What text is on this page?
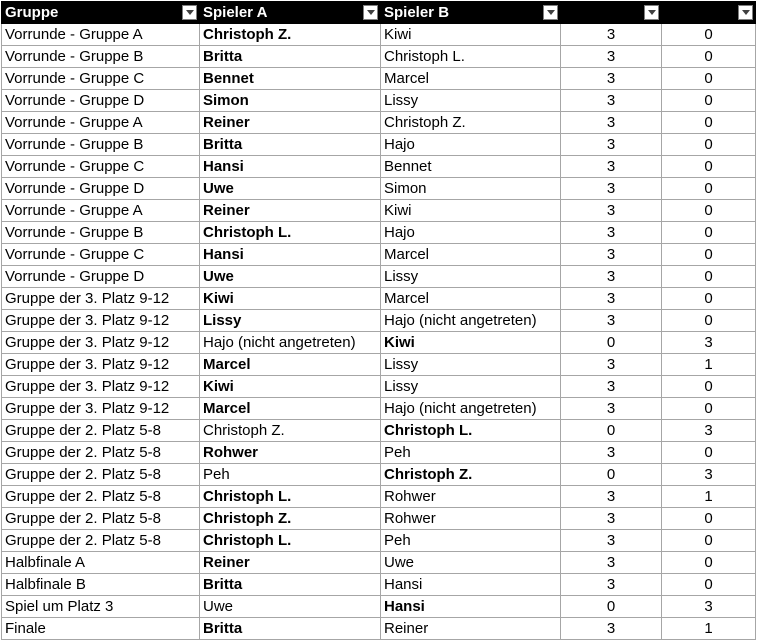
Gruppe	Spieler A	Spieler B

Vorrunde - Gruppe A	Christoph Z.	Kiwi	3	0
Vorrunde - Gruppe B	Britta	Christoph L.	3	0
Vorrunde - Gruppe C	Bennet	Marcel	3	0
Vorrunde - Gruppe D	Simon	Lissy	3	0
Vorrunde - Gruppe A	Reiner	Christoph Z.	3	0
Vorrunde - Gruppe B	Britta	Hajo	3	0
Vorrunde - Gruppe C	Hansi	Bennet	3	0
Vorrunde - Gruppe D	Uwe	Simon	3	0
Vorrunde - Gruppe A	Reiner	Kiwi	3	0
Vorrunde - Gruppe B	Christoph L.	Hajo	3	0
Vorrunde - Gruppe C	Hansi	Marcel	3	0
Vorrunde - Gruppe D	Uwe	Lissy	3	0
Gruppe der 3. Platz 9-12	Kiwi	Marcel	3	0
Gruppe der 3. Platz 9-12	Lissy	Hajo (nicht angetreten)	3	0
Gruppe der 3. Platz 9-12	Hajo (nicht angetreten)	Kiwi	0	3
Gruppe der 3. Platz 9-12	Marcel	Lissy	3	1
Gruppe der 3. Platz 9-12	Kiwi	Lissy	3	0
Gruppe der 3. Platz 9-12	Marcel	Hajo (nicht angetreten)	3	0
Gruppe der 2. Platz 5-8	Christoph Z.	Christoph L.	0	3
Gruppe der 2. Platz 5-8	Rohwer	Peh	3	0
Gruppe der 2. Platz 5-8	Peh	Christoph Z.	0	3
Gruppe der 2. Platz 5-8	Christoph L.	Rohwer	3	1
Gruppe der 2. Platz 5-8	Christoph Z.	Rohwer	3	0
Gruppe der 2. Platz 5-8	Christoph L.	Peh	3	0
Halbfinale A	Reiner	Uwe	3	0
Halbfinale B	Britta	Hansi	3	0
Spiel um Platz 3	Uwe	Hansi	0	3
Finale	Britta	Reiner	3	1
